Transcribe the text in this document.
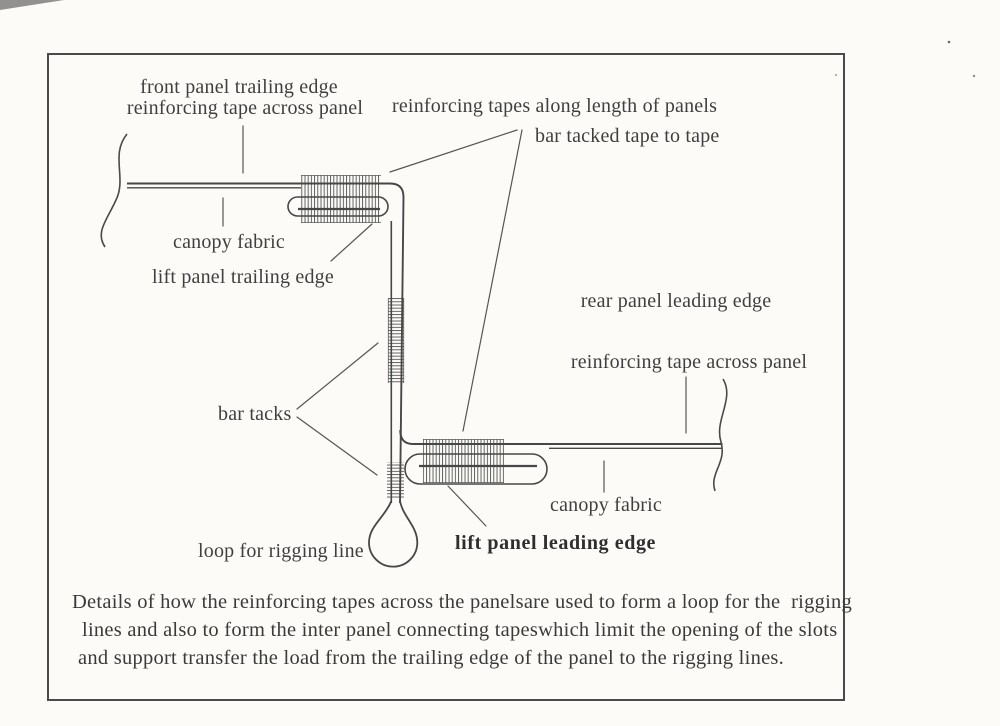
front panel trailing edge
reinforcing tape across panel reinforcing tapes along length of panels
bar tacked tape to tape
canopy fabric
lift panel trailing edge
rear panel leading edge
reinforcing tape across panel
bar tacks
canopy fabric
loop for rigging line	lift panel leading edge
Details of how the reinforcing tapes across the panelsare used to form a loop for the  rigging
lines and also to form the inter panel connecting tapeswhich limit the opening of the slots
and support transfer the load from the trailing edge of the panel to the rigging lines.
